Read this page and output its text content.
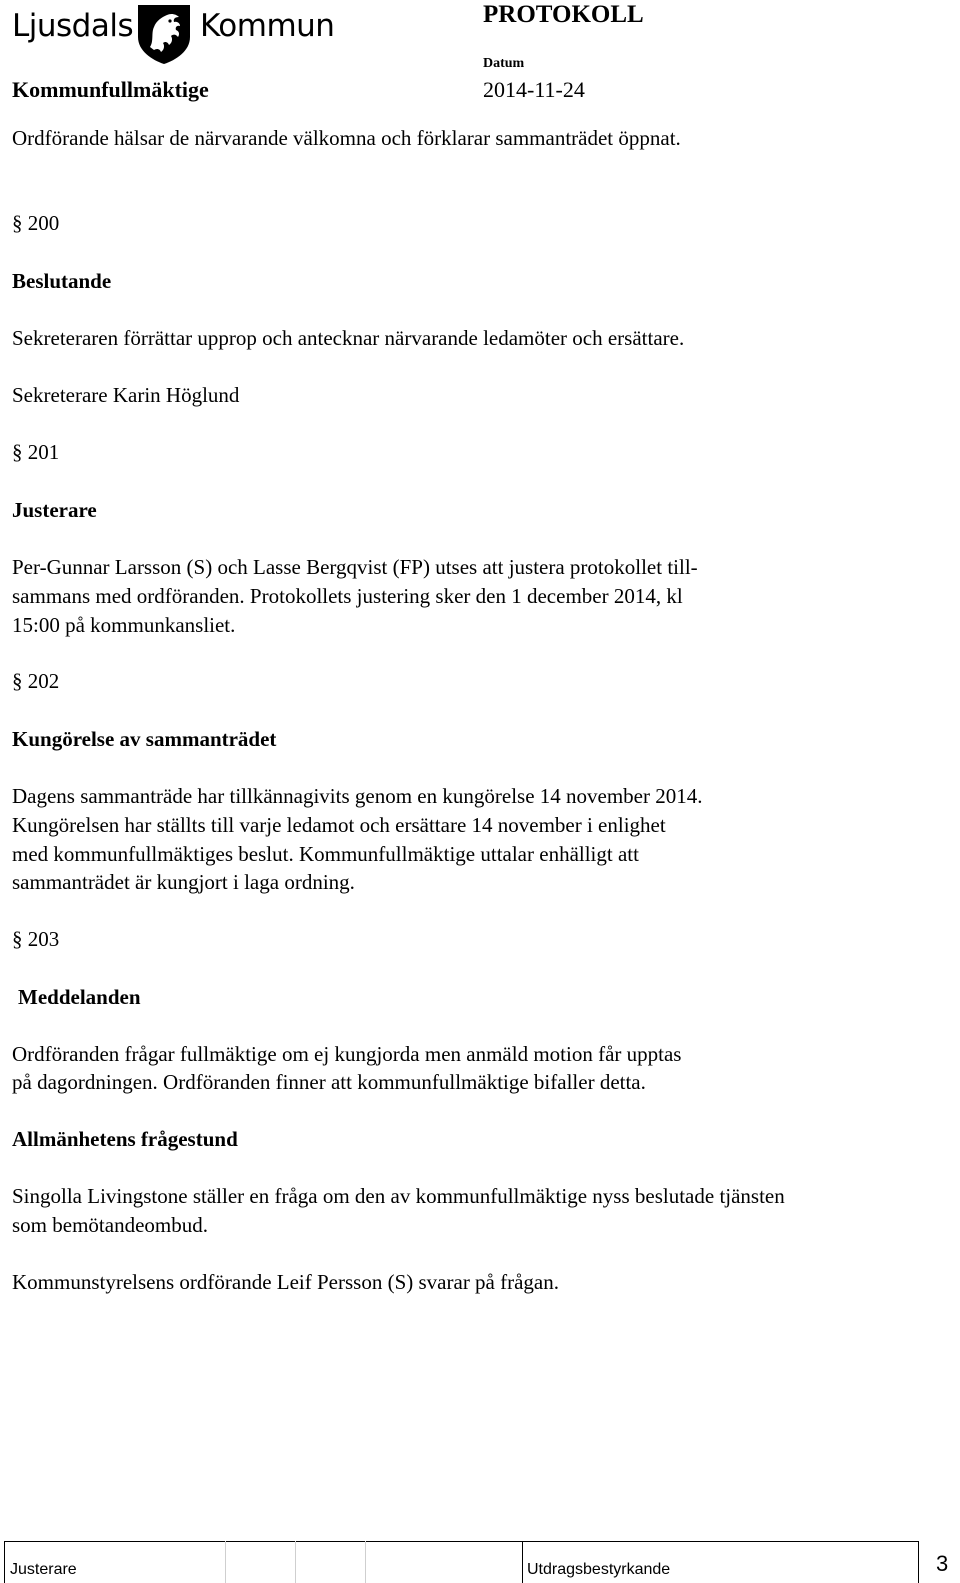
Ljusdals Kommun	PROTOKOLL
Datum
Kommunfullmäktige	2014-11-24
Ordförande hälsar de närvarande välkomna och förklarar sammanträdet öppnat.
§ 200
Beslutande
Sekreteraren förrättar upprop och antecknar närvarande ledamöter och ersättare.
Sekreterare Karin Höglund
§ 201
Justerare
Per-Gunnar Larsson (S) och Lasse Bergqvist (FP) utses att justera protokollet till-
sammans med ordföranden. Protokollets justering sker den 1 december 2014, kl
15:00 på kommunkansliet.
§ 202
Kungörelse av sammanträdet
Dagens sammanträde har tillkännagivits genom en kungörelse 14 november 2014.
Kungörelsen har ställts till varje ledamot och ersättare 14 november i enlighet
med kommunfullmäktiges beslut. Kommunfullmäktige uttalar enhälligt att
sammanträdet är kungjort i laga ordning.
§ 203
Meddelanden
Ordföranden frågar fullmäktige om ej kungjorda men anmäld motion får upptas
på dagordningen. Ordföranden finner att kommunfullmäktige bifaller detta.
Allmänhetens frågestund
Singolla Livingstone ställer en fråga om den av kommunfullmäktige nyss beslutade tjänsten
som bemötandeombud.
Kommunstyrelsens ordförande Leif Persson (S) svarar på frågan.
Justerare	Utdragsbestyrkande	3
